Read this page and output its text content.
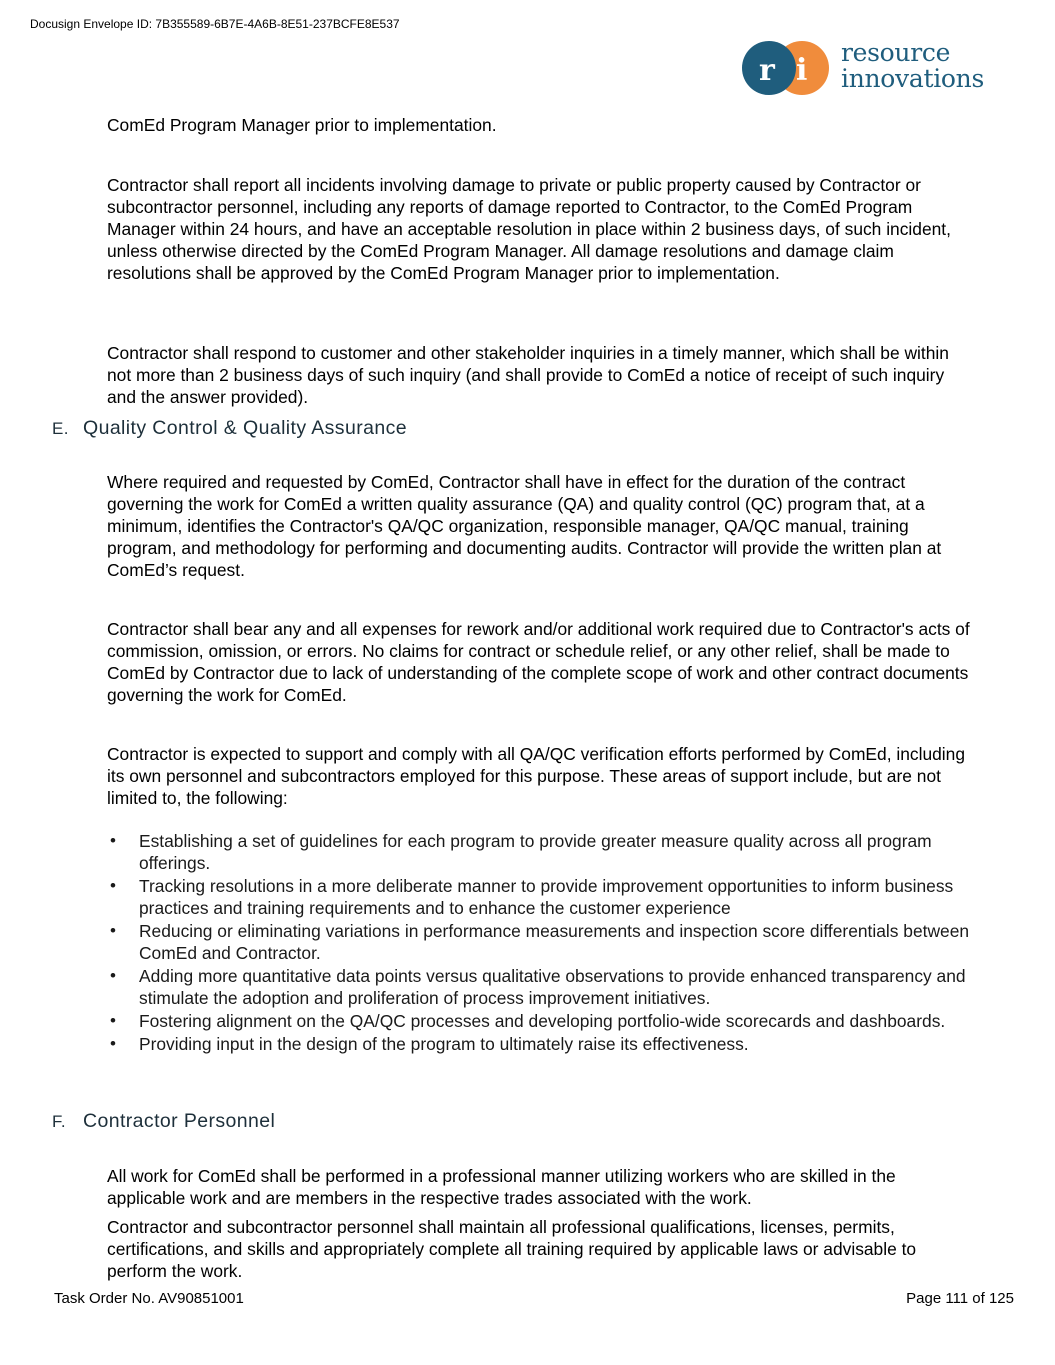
Docusign Envelope ID: 7B355589-6B7E-4A6B-8E51-237BCFE8E537
r i
resource
innovations

ComEd Program Manager prior to implementation.

Contractor shall report all incidents involving damage to private or public property caused by Contractor or subcontractor personnel, including any reports of damage reported to Contractor, to the ComEd Program Manager within 24 hours, and have an acceptable resolution in place within 2 business days, of such incident, unless otherwise directed by the ComEd Program Manager. All damage resolutions and damage claim resolutions shall be approved by the ComEd Program Manager prior to implementation.

Contractor shall respond to customer and other stakeholder inquiries in a timely manner, which shall be within not more than 2 business days of such inquiry (and shall provide to ComEd a notice of receipt of such inquiry and the answer provided).

E. Quality Control & Quality Assurance

Where required and requested by ComEd, Contractor shall have in effect for the duration of the contract governing the work for ComEd a written quality assurance (QA) and quality control (QC) program that, at a minimum, identifies the Contractor's QA/QC organization, responsible manager, QA/QC manual, training program, and methodology for performing and documenting audits. Contractor will provide the written plan at ComEd’s request.

Contractor shall bear any and all expenses for rework and/or additional work required due to Contractor's acts of commission, omission, or errors. No claims for contract or schedule relief, or any other relief, shall be made to ComEd by Contractor due to lack of understanding of the complete scope of work and other contract documents governing the work for ComEd.

Contractor is expected to support and comply with all QA/QC verification efforts performed by ComEd, including its own personnel and subcontractors employed for this purpose. These areas of support include, but are not limited to, the following:

• Establishing a set of guidelines for each program to provide greater measure quality across all program offerings.
• Tracking resolutions in a more deliberate manner to provide improvement opportunities to inform business practices and training requirements and to enhance the customer experience
• Reducing or eliminating variations in performance measurements and inspection score differentials between ComEd and Contractor.
• Adding more quantitative data points versus qualitative observations to provide enhanced transparency and stimulate the adoption and proliferation of process improvement initiatives.
• Fostering alignment on the QA/QC processes and developing portfolio-wide scorecards and dashboards.
• Providing input in the design of the program to ultimately raise its effectiveness.
F. Contractor Personnel

All work for ComEd shall be performed in a professional manner utilizing workers who are skilled in the applicable work and are members in the respective trades associated with the work.

Contractor and subcontractor personnel shall maintain all professional qualifications, licenses, permits, certifications, and skills and appropriately complete all training required by applicable laws or advisable to perform the work.

Task Order No. AV90851001	Page 111 of 125
